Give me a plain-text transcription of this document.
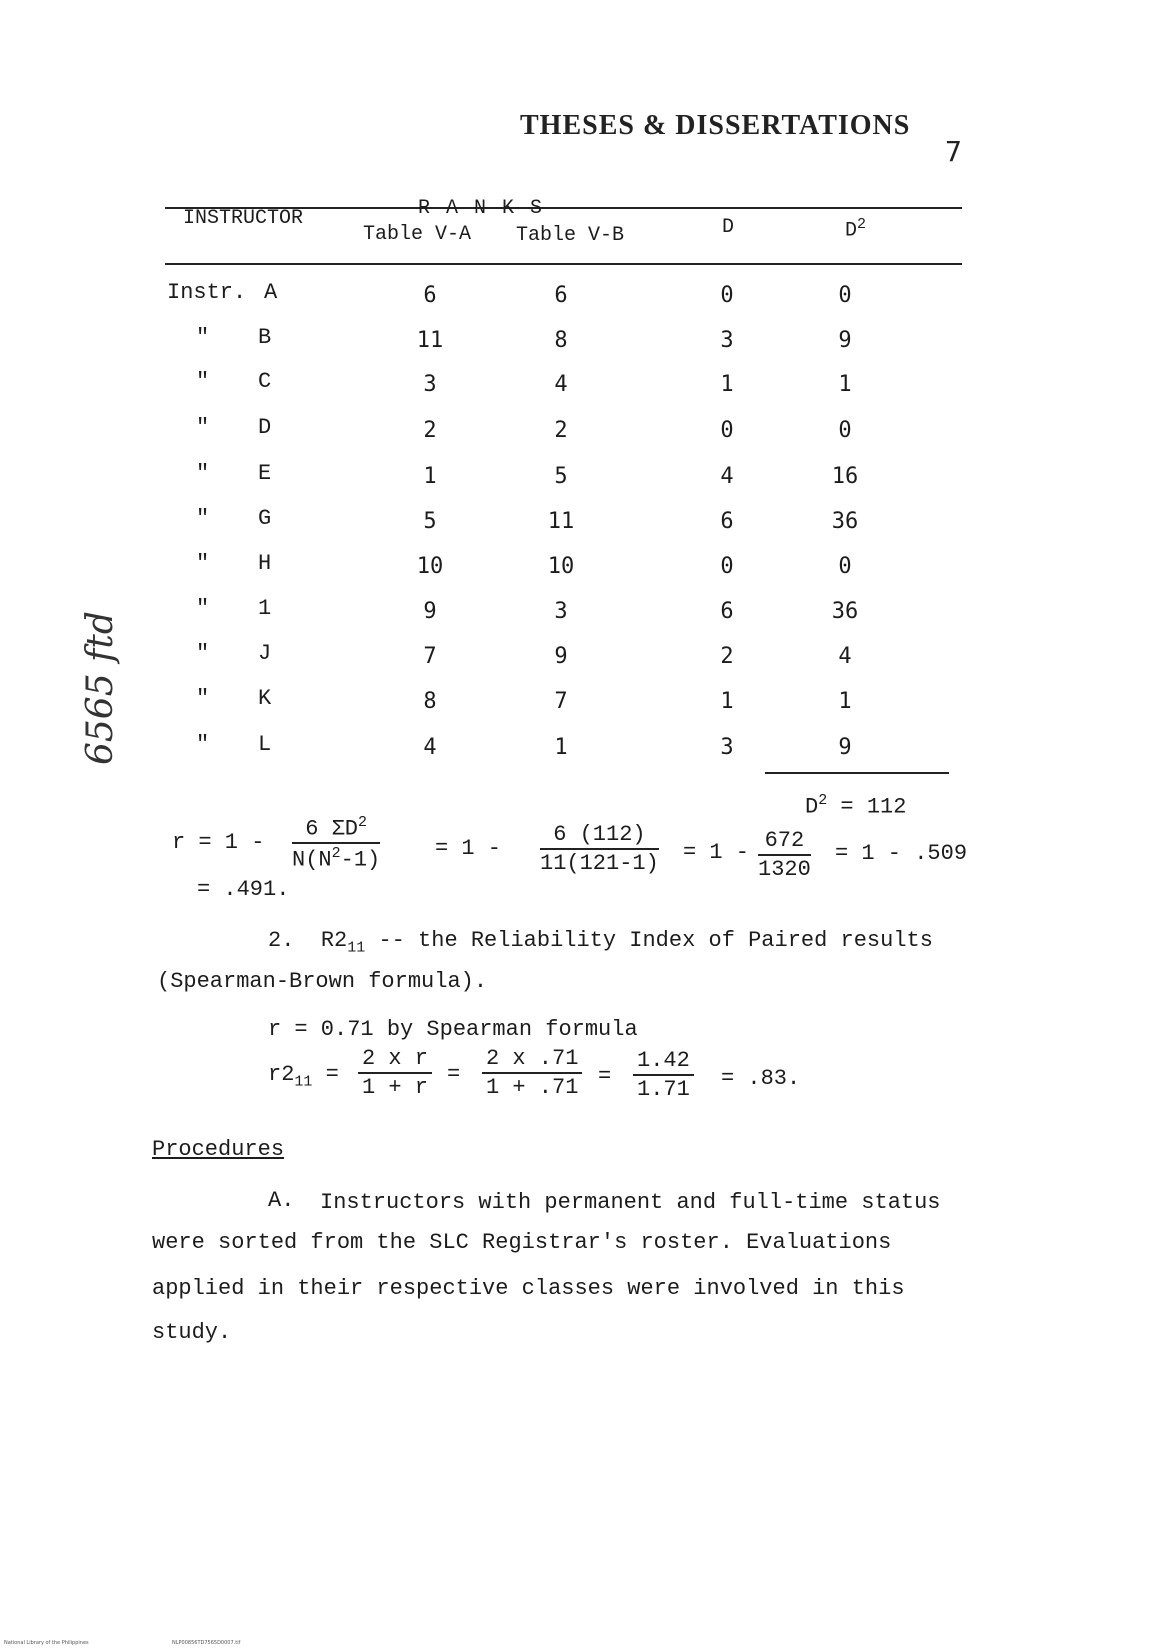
THESES & DISSERTATIONS
7
6565 ftd
R A N K S
INSTRUCTOR
Table V-A Table V-B	D	$D^2$
Instr. A	6	6	0	0
" B	11	8	3	9
" C	3	4	1	1
" D	2	2	0	0
" E	1	5	4	16
" G	5	11	6	36
" H	10	10	0	0
" 1	9	3	6	36
" J	7	9	2	4
" K	8	7	1	1
" L	4	1	3	9
$D^2 = 112$
$r = 1 - \frac{6 \Sigma D^2}{N(N^2-1)} = 1 - \frac{6 (112)}{11(121-1)} = 1 - \frac{672}{1320} = 1 - .509$
= .491.
2. $R2_{11}$ -- the Reliability Index of Paired results
(Spearman-Brown formula).
r = 0.71 by Spearman formula
$r2_{11} = \frac{\text{2 x r}}{1 + r} = \frac{2 x .71}{1 + .71} = \frac{1.42}{1.71} = .83$.
Procedures
A. Instructors with permanent and full-time status
were sorted from the SLC Registrar's roster. Evaluations
applied in their respective classes were involved in this
study.
National Library of the Philippines	NLP00856TD7565D0007.tif
